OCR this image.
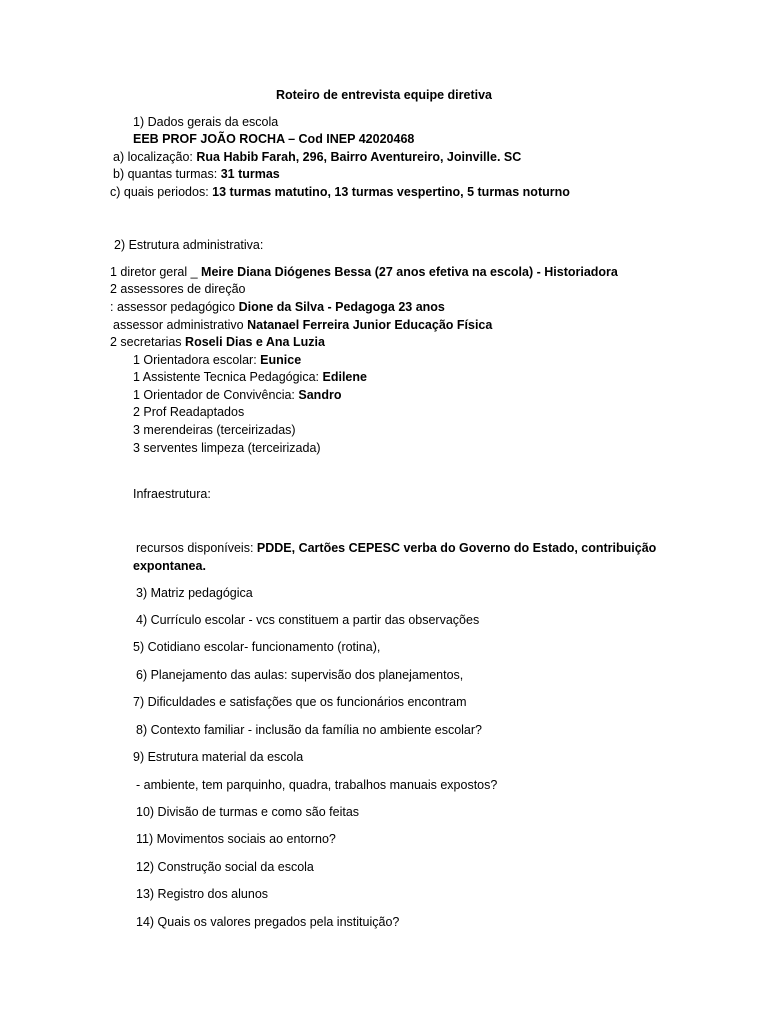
Roteiro de entrevista equipe diretiva
1) Dados gerais da escola
EEB PROF JOÃO ROCHA – Cod INEP 42020468
a) localização: Rua Habib Farah, 296, Bairro Aventureiro, Joinville. SC
b) quantas turmas: 31 turmas
c) quais periodos: 13 turmas matutino, 13 turmas vespertino, 5 turmas noturno
2) Estrutura administrativa:
1 diretor geral _ Meire Diana Diógenes Bessa (27 anos efetiva na escola) - Historiadora
2 assessores de direção
: assessor pedagógico Dione da Silva - Pedagoga 23 anos
assessor administrativo Natanael Ferreira Junior Educação Física
2 secretarias Roseli Dias e Ana Luzia
1 Orientadora escolar: Eunice
1 Assistente Tecnica Pedagógica: Edilene
1 Orientador de Convivência: Sandro
2 Prof Readaptados
3 merendeiras (terceirizadas)
3 serventes limpeza (terceirizada)
Infraestrutura:
recursos disponíveis: PDDE, Cartões CEPESC verba do Governo do Estado, contribuição
expontanea.
3) Matriz pedagógica
4) Currículo escolar - vcs constituem a partir das observações
5) Cotidiano escolar- funcionamento (rotina),
6) Planejamento das aulas: supervisão dos planejamentos,
7) Dificuldades e satisfações que os funcionários encontram
8) Contexto familiar - inclusão da família no ambiente escolar?
9) Estrutura material da escola
- ambiente, tem parquinho, quadra, trabalhos manuais expostos?
10) Divisão de turmas e como são feitas
11) Movimentos sociais ao entorno?
12) Construção social da escola
13) Registro dos alunos
14) Quais os valores pregados pela instituição?
